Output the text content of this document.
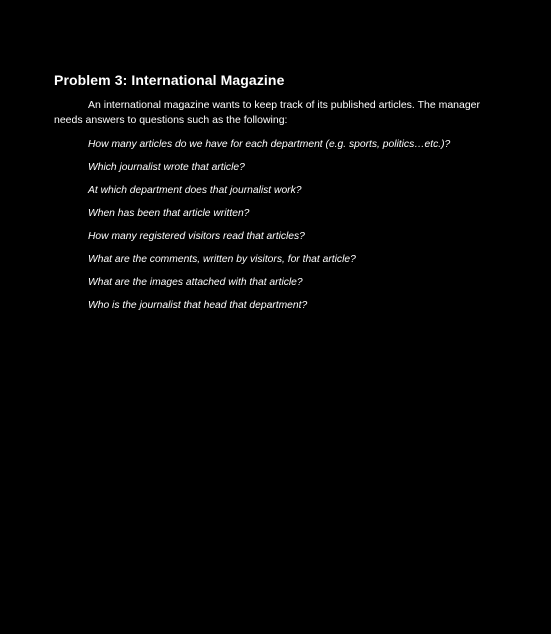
Problem 3: International Magazine

An international magazine wants to keep track of its published articles. The manager needs answers to questions such as the following:

How many articles do we have for each department (e.g. sports, politics…etc.)?
Which journalist wrote that article?
At which department does that journalist work?
When has been that article written?
How many registered visitors read that articles?
What are the comments, written by visitors, for that article?
What are the images attached with that article?
Who is the journalist that head that department?
